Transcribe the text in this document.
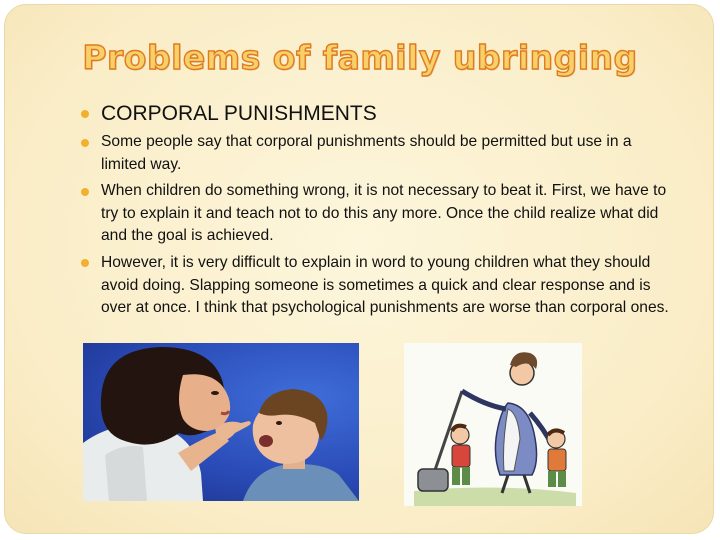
Problems of family ubringing
CORPORAL PUNISHMENTS
Some people say that corporal punishments should be permitted but use in a limited way.
When children do something wrong, it is not necessary to beat it. First, we have to try to explain it and teach not to do this any more. Once the child realize what did and the goal is achieved.
However, it is very difficult to explain in word to young children what they should avoid doing. Slapping someone is sometimes a quick and clear response and is over at once. I think that psychological punishments are worse than corporal ones.
